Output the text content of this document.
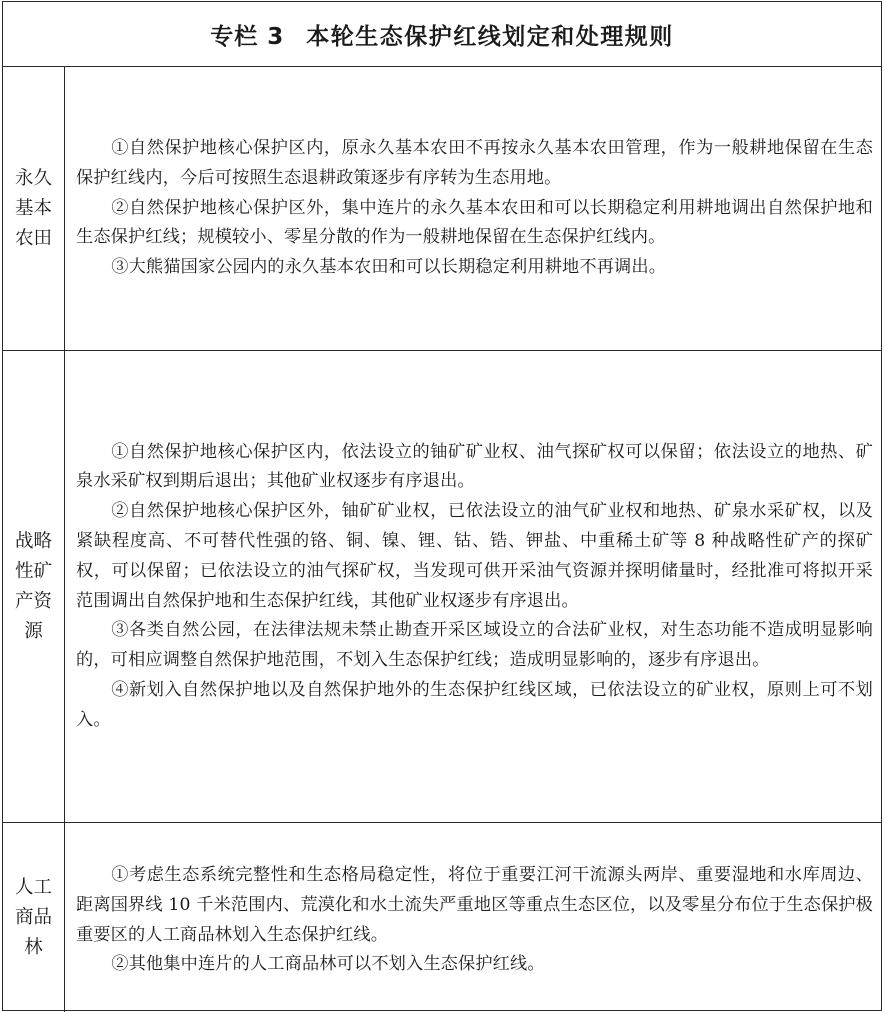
专栏 3 本轮生态保护红线划定和处理规则
永久基本农田

①自然保护地核心保护区内，原永久基本农田不再按永久基本农田管理，作为一般耕地保留在生态保护红线内，今后可按照生态退耕政策逐步有序转为生态用地。

②自然保护地核心保护区外，集中连片的永久基本农田和可以长期稳定利用耕地调出自然保护地和生态保护红线；规模较小、零星分散的作为一般耕地保留在生态保护红线内。

③大熊猫国家公园内的永久基本农田和可以长期稳定利用耕地不再调出。

战略性矿产资源

①自然保护地核心保护区内，依法设立的铀矿矿业权、油气探矿权可以保留；依法设立的地热、矿泉水采矿权到期后退出；其他矿业权逐步有序退出。

②自然保护地核心保护区外，铀矿矿业权，已依法设立的油气矿业权和地热、矿泉水采矿权，以及紧缺程度高、不可替代性强的铬、铜、镍、锂、钴、锆、钾盐、中重稀土矿等 8 种战略性矿产的探矿权，可以保留；已依法设立的油气探矿权，当发现可供开采油气资源并探明储量时，经批准可将拟开采范围调出自然保护地和生态保护红线，其他矿业权逐步有序退出。

③各类自然公园，在法律法规未禁止勘查开采区域设立的合法矿业权，对生态功能不造成明显影响的，可相应调整自然保护地范围，不划入生态保护红线；造成明显影响的，逐步有序退出。

④新划入自然保护地以及自然保护地外的生态保护红线区域，已依法设立的矿业权，原则上可不划入。

人工商品林

①考虑生态系统完整性和生态格局稳定性，将位于重要江河干流源头两岸、重要湿地和水库周边、距离国界线 10 千米范围内、荒漠化和水土流失严重地区等重点生态区位，以及零星分布位于生态保护极重要区的人工商品林划入生态保护红线。

②其他集中连片的人工商品林可以不划入生态保护红线。
